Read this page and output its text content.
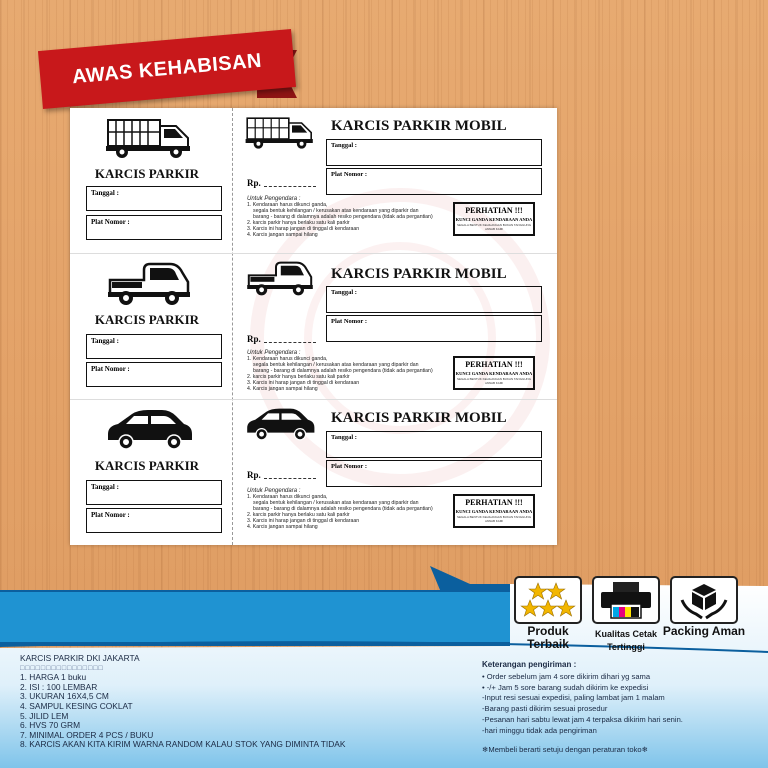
AWAS KEHABISAN
KARCIS PARKIR
Tanggal :
Plat Nomor :
KARCIS PARKIR MOBIL
Tanggal :
Plat Nomor :
Rp.
Untuk Pengendara :
1. Kendaraan harus dikunci ganda,
segala bentuk kehilangan / kerusakan atas kendaraan yang diparkir dan
barang - barang di dalamnya adalah resiko pengendara (tidak ada pergantian)
2. karcis parkir hanya berlaku satu kali parkir
3. Karcis ini harap jangan di tinggal di kendaraan
4. Karcis jangan sampai hilang
PERHATIAN !!!
KUNCI GANDA KENDARAAN ANDA
SEGALA BENTUK KEHILANGAN BUKAN TANGGUNG JAWAB KAMI
KARCIS PARKIR
Tanggal :
Plat Nomor :
KARCIS PARKIR MOBIL
Tanggal :
Plat Nomor :
Rp.
Untuk Pengendara :
1. Kendaraan harus dikunci ganda,
segala bentuk kehilangan / kerusakan atas kendaraan yang diparkir dan
barang - barang di dalamnya adalah resiko pengendara (tidak ada pergantian)
2. karcis parkir hanya berlaku satu kali parkir
3. Karcis ini harap jangan di tinggal di kendaraan
4. Karcis jangan sampai hilang
PERHATIAN !!!
KUNCI GANDA KENDARAAN ANDA
SEGALA BENTUK KEHILANGAN BUKAN TANGGUNG JAWAB KAMI
KARCIS PARKIR
Tanggal :
Plat Nomor :
KARCIS PARKIR MOBIL
Tanggal :
Plat Nomor :
Rp.
Untuk Pengendara :
1. Kendaraan harus dikunci ganda,
segala bentuk kehilangan / kerusakan atas kendaraan yang diparkir dan
barang - barang di dalamnya adalah resiko pengendara (tidak ada pergantian)
2. karcis parkir hanya berlaku satu kali parkir
3. Karcis ini harap jangan di tinggal di kendaraan
4. Karcis jangan sampai hilang
PERHATIAN !!!
KUNCI GANDA KENDARAAN ANDA
SEGALA BENTUK KEHILANGAN BUKAN TANGGUNG JAWAB KAMI
Produk Terbaik
Kualitas Cetak Tertinggi
Packing Aman
KARCIS PARKIR DKI JAKARTA
□□□□□□□□□□□□□□□□
1. HARGA 1 buku
2. ISI : 100 LEMBAR
3. UKURAN 16X4,5 CM
4. SAMPUL KESING COKLAT
5. JILID LEM
6. HVS 70 GRM
7. MINIMAL ORDER 4 PCS / BUKU
8. KARCIS AKAN KITA KIRIM WARNA RANDOM KALAU STOK YANG DIMINTA TIDAK
Keterangan pengiriman :
• Order sebelum jam 4 sore dikirim dihari yg sama
• -/+ Jam 5 sore barang sudah dikirim ke expedisi
-Input resi sesuai expedisi, paling lambat jam 1 malam
-Barang pasti dikirim sesuai prosedur
-Pesanan hari sabtu lewat jam 4 terpaksa dikirim hari senin.
-hari minggu tidak ada pengiriman
❄Membeli berarti setuju dengan peraturan toko❄
